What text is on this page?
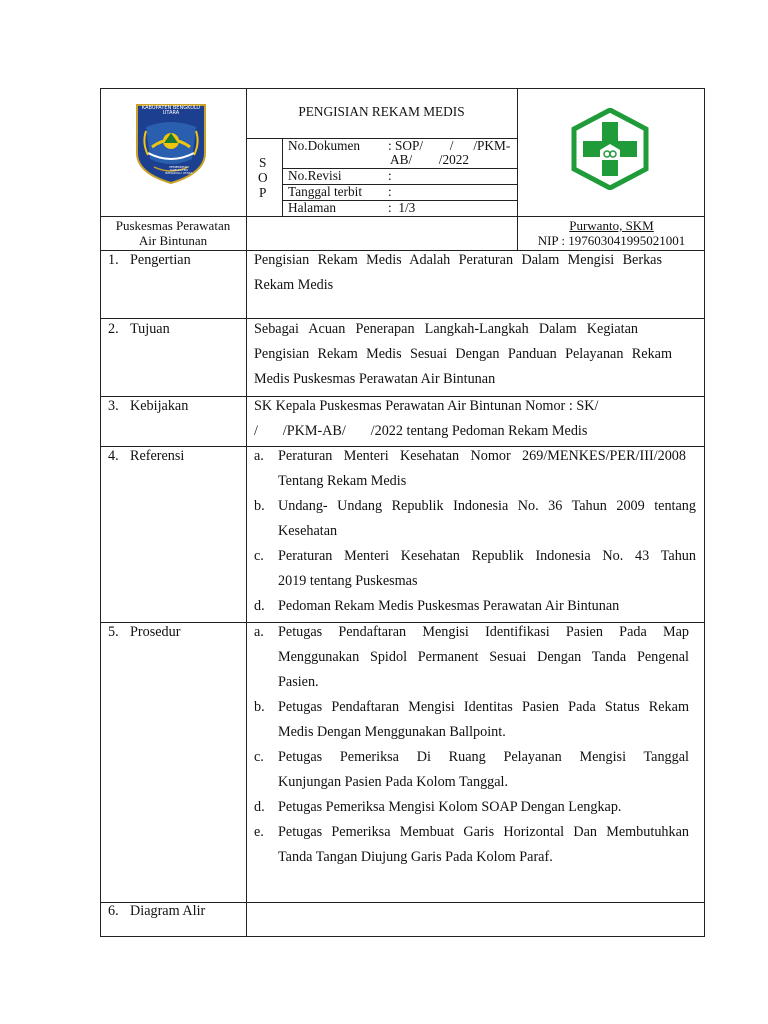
KABUPATEN BENGKULU UTARA
PEMERINTAH KABUPATEN BENGKULU UTARA
PENGISIAN REKAM MEDIS
S
O
P
No.Dokumen : SOP/        /      /PKM-
AB/        /2022
No.Revisi	:
Tanggal terbit :
Halaman	:  1/3
Puskesmas Perawatan
Air Bintunan
Purwanto, SKM
NIP : 197603041995021001
1. Pengertian	Pengisian Rekam Medis Adalah Peraturan Dalam Mengisi Berkas
Rekam Medis
2. Tujuan	Sebagai Acuan Penerapan Langkah-Langkah Dalam Kegiatan
Pengisian Rekam Medis Sesuai Dengan Panduan Pelayanan Rekam
Medis Puskesmas Perawatan Air Bintunan
3. Kebijakan	SK Kepala Puskesmas Perawatan Air Bintunan Nomor : SK/
/       /PKM-AB/       /2022 tentang Pedoman Rekam Medis
4. Referensi	a. Peraturan Menteri Kesehatan Nomor 269/MENKES/PER/III/2008
Tentang Rekam Medis
b. Undang- Undang Republik Indonesia No. 36 Tahun 2009 tentang
Kesehatan
c. Peraturan Menteri Kesehatan Republik Indonesia No. 43 Tahun
2019 tentang Puskesmas
d. Pedoman Rekam Medis Puskesmas Perawatan Air Bintunan
5. Prosedur	a. Petugas Pendaftaran Mengisi Identifikasi Pasien Pada Map
Menggunakan Spidol Permanent Sesuai Dengan Tanda Pengenal
Pasien.
b. Petugas Pendaftaran Mengisi Identitas Pasien Pada Status Rekam
Medis Dengan Menggunakan Ballpoint.
c. Petugas Pemeriksa Di Ruang Pelayanan Mengisi Tanggal
Kunjungan Pasien Pada Kolom Tanggal.
d. Petugas Pemeriksa Mengisi Kolom SOAP Dengan Lengkap.
e. Petugas Pemeriksa Membuat Garis Horizontal Dan Membutuhkan
Tanda Tangan Diujung Garis Pada Kolom Paraf.
6. Diagram Alir
